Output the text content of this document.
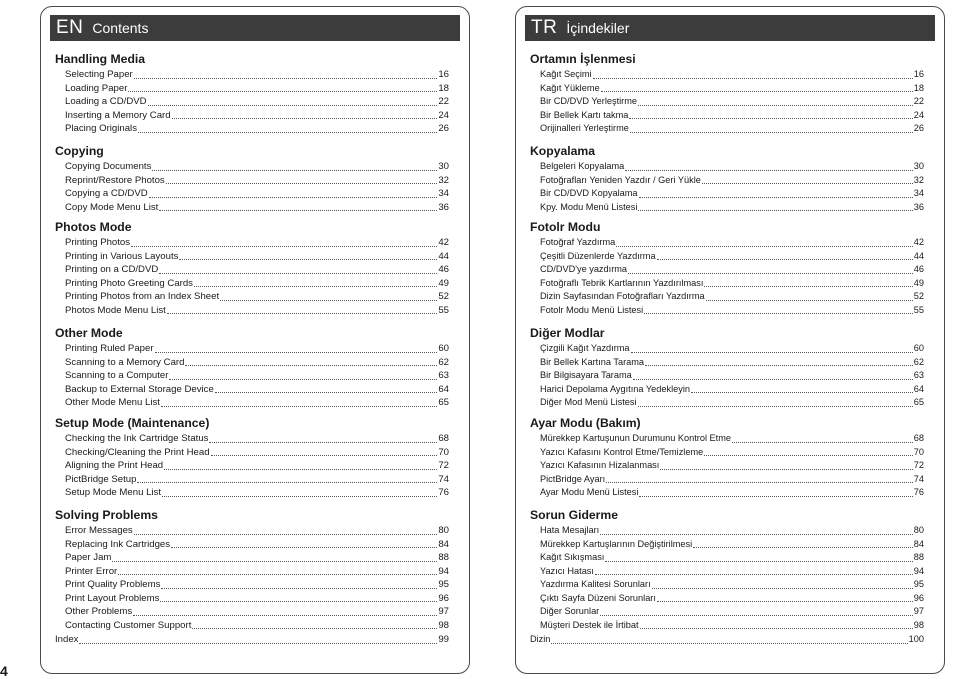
EN Contents
Handling Media
Selecting Paper	16
Loading Paper	18
Loading a CD/DVD	22
Inserting a Memory Card	24
Placing Originals	26
Copying
Copying Documents	30
Reprint/Restore Photos	32
Copying a CD/DVD	34
Copy Mode Menu List	36
Photos Mode
Printing Photos	42
Printing in Various Layouts	44
Printing on a CD/DVD	46
Printing Photo Greeting Cards	49
Printing Photos from an Index Sheet	52
Photos Mode Menu List	55
Other Mode
Printing Ruled Paper	60
Scanning to a Memory Card	62
Scanning to a Computer	63
Backup to External Storage Device	64
Other Mode Menu List	65
Setup Mode (Maintenance)
Checking the Ink Cartridge Status	68
Checking/Cleaning the Print Head	70
Aligning the Print Head	72
PictBridge Setup	74
Setup Mode Menu List	76
Solving Problems
Error Messages	80
Replacing Ink Cartridges	84
Paper Jam	88
Printer Error	94
Print Quality Problems	95
Print Layout Problems	96
Other Problems	97
Contacting Customer Support	98
Index	99
TR İçindekiler
Ortamın İşlenmesi
Kağıt Seçimi	16
Kağıt Yükleme	18
Bir CD/DVD Yerleştirme	22
Bir Bellek Kartı takma	24
Orijinalleri Yerleştirme	26
Kopyalama
Belgeleri Kopyalama	30
Fotoğrafları Yeniden Yazdır / Geri Yükle	32
Bir CD/DVD Kopyalama	34
Kpy. Modu Menü Listesi	36
Fotolr Modu
Fotoğraf Yazdırma	42
Çeşitli Düzenlerde Yazdırma	44
CD/DVD'ye yazdırma	46
Fotoğraflı Tebrik Kartlarının Yazdırılması	49
Dizin Sayfasından Fotoğrafları Yazdırma	52
Fotolr Modu Menü Listesi	55
Diğer Modlar
Çizgili Kağıt Yazdırma	60
Bir Bellek Kartına Tarama	62
Bir Bilgisayara Tarama	63
Harici Depolama Aygıtına Yedekleyin	64
Diğer Mod Menü Listesi	65
Ayar Modu (Bakım)
Mürekkep Kartuşunun Durumunu Kontrol Etme	68
Yazıcı Kafasını Kontrol Etme/Temizleme	70
Yazıcı Kafasının Hizalanması	72
PictBridge Ayarı	74
Ayar Modu Menü Listesi	76
Sorun Giderme
Hata Mesajları	80
Mürekkep Kartuşlarının Değiştirilmesi	84
Kağıt Sıkışması	88
Yazıcı Hatası	94
Yazdırma Kalitesi Sorunları	95
Çıktı Sayfa Düzeni Sorunları	96
Diğer Sorunlar	97
Müşteri Destek ile İrtibat	98
Dizin	100
4
